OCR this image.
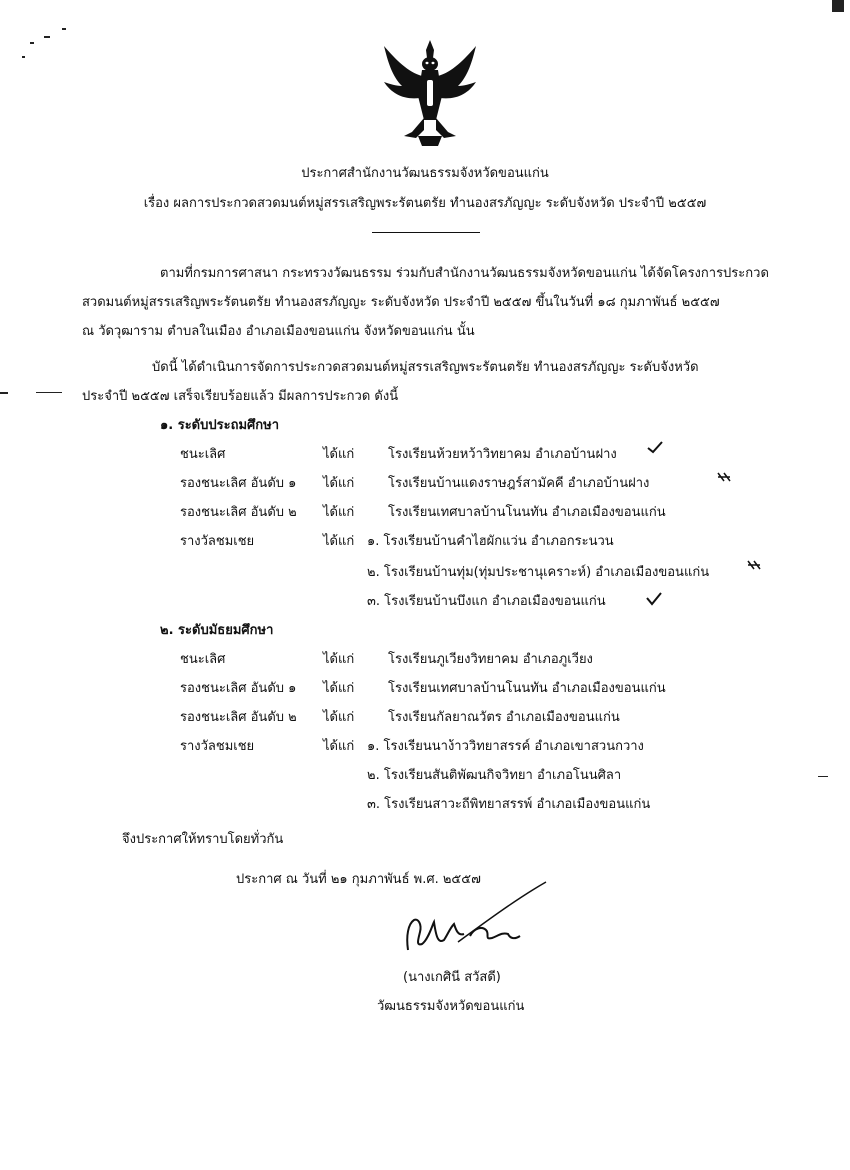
ประกาศสำนักงานวัฒนธรรมจังหวัดขอนแก่น
เรื่อง ผลการประกวดสวดมนต์หมู่สรรเสริญพระรัตนตรัย ทำนองสรภัญญะ ระดับจังหวัด ประจำปี ๒๕๕๗
ตามที่กรมการศาสนา กระทรวงวัฒนธรรม ร่วมกับสำนักงานวัฒนธรรมจังหวัดขอนแก่น ได้จัดโครงการประกวด
สวดมนต์หมู่สรรเสริญพระรัตนตรัย ทำนองสรภัญญะ ระดับจังหวัด ประจำปี ๒๕๕๗ ขึ้นในวันที่ ๑๘ กุมภาพันธ์ ๒๕๕๗
ณ วัดวุฒาราม ตำบลในเมือง อำเภอเมืองขอนแก่น จังหวัดขอนแก่น นั้น
บัดนี้ ได้ดำเนินการจัดการประกวดสวดมนต์หมู่สรรเสริญพระรัตนตรัย ทำนองสรภัญญะ ระดับจังหวัด
ประจำปี ๒๕๕๗ เสร็จเรียบร้อยแล้ว มีผลการประกวด ดังนี้
๑. ระดับประถมศึกษา
ชนะเลิศ	ได้แก่	โรงเรียนห้วยหว้าวิทยาคม อำเภอบ้านฝาง
รองชนะเลิศ อันดับ ๑ ได้แก่	โรงเรียนบ้านแดงราษฎร์สามัคคี อำเภอบ้านฝาง
รองชนะเลิศ อันดับ ๒ ได้แก่	โรงเรียนเทศบาลบ้านโนนทัน อำเภอเมืองขอนแก่น
รางวัลชมเชย	ได้แก่ ๑. โรงเรียนบ้านคำไฮผักแว่น อำเภอกระนวน
๒. โรงเรียนบ้านทุ่ม(ทุ่มประชานุเคราะห์) อำเภอเมืองขอนแก่น
๓. โรงเรียนบ้านบึงแก อำเภอเมืองขอนแก่น
๒. ระดับมัธยมศึกษา
ชนะเลิศ	ได้แก่	โรงเรียนภูเวียงวิทยาคม อำเภอภูเวียง
รองชนะเลิศ อันดับ ๑ ได้แก่	โรงเรียนเทศบาลบ้านโนนทัน อำเภอเมืองขอนแก่น
รองชนะเลิศ อันดับ ๒ ได้แก่	โรงเรียนกัลยาณวัตร อำเภอเมืองขอนแก่น
รางวัลชมเชย	ได้แก่ ๑. โรงเรียนนาง้าววิทยาสรรค์ อำเภอเขาสวนกวาง
๒. โรงเรียนสันติพัฒนกิจวิทยา อำเภอโนนศิลา
๓. โรงเรียนสาวะถีพิทยาสรรพ์ อำเภอเมืองขอนแก่น
จึงประกาศให้ทราบโดยทั่วกัน
ประกาศ ณ วันที่ ๒๑ กุมภาพันธ์ พ.ศ. ๒๕๕๗
(นางเกศินี สวัสดี)
วัฒนธรรมจังหวัดขอนแก่น
